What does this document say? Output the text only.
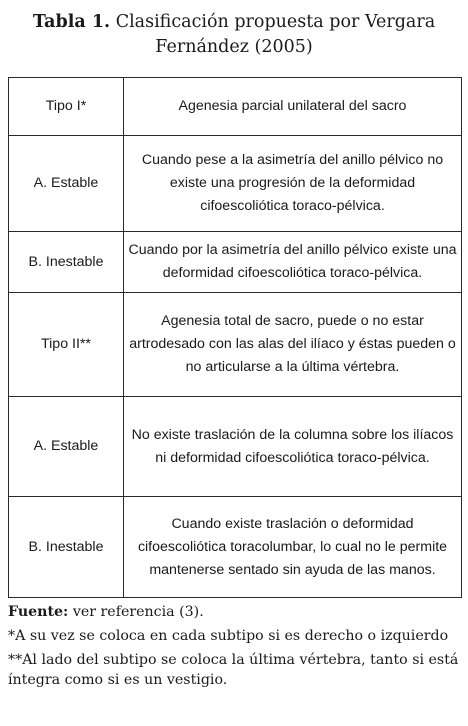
Tabla 1. Clasificación propuesta por Vergara Fernández (2005)
Tipo I*	Agenesia parcial unilateral del sacro
A. Estable	Cuando pese a la asimetría del anillo pélvico no existe una progresión de la deformidad cifoescoliótica toraco-pélvica.
B. Inestable	Cuando por la asimetría del anillo pélvico existe una deformidad cifoescoliótica toraco-pélvica.
Tipo II**	Agenesia total de sacro, puede o no estar artrodesado con las alas del ilíaco y éstas pueden o no articularse a la última vértebra.
A. Estable	No existe traslación de la columna sobre los ilíacos ni deformidad cifoescoliótica toraco-pélvica.
B. Inestable	Cuando existe traslación o deformidad cifoescoliótica toracolumbar, lo cual no le permite mantenerse sentado sin ayuda de las manos.

Fuente: ver referencia (3).

*A su vez se coloca en cada subtipo si es derecho o izquierdo

**Al lado del subtipo se coloca la última vértebra, tanto si está íntegra como si es un vestigio.
